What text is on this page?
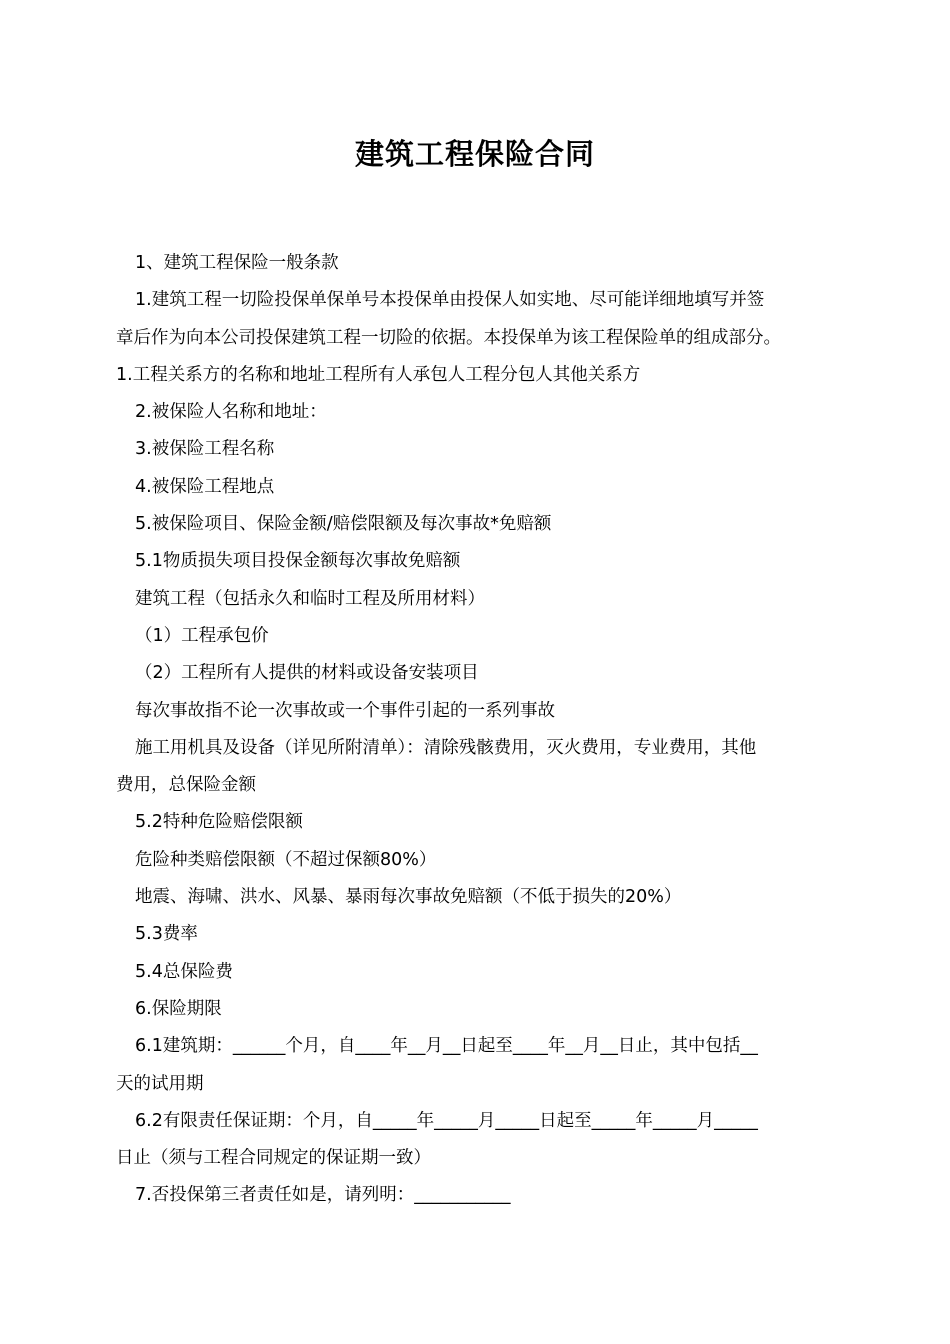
建筑工程保险合同

1、建筑工程保险一般条款

1.建筑工程一切险投保单保单号本投保单由投保人如实地、尽可能详细地填写并签

章后作为向本公司投保建筑工程一切险的依据。本投保单为该工程保险单的组成部分。

1.工程关系方的名称和地址工程所有人承包人工程分包人其他关系方

2.被保险人名称和地址：

3.被保险工程名称

4.被保险工程地点

5.被保险项目、保险金额/赔偿限额及每次事故*免赔额

5.1物质损失项目投保金额每次事故免赔额

建筑工程（包括永久和临时工程及所用材料）

（1）工程承包价

（2）工程所有人提供的材料或设备安装项目

每次事故指不论一次事故或一个事件引起的一系列事故

施工用机具及设备（详见所附清单）：清除残骸费用，灭火费用，专业费用，其他

费用，总保险金额

5.2特种危险赔偿限额

危险种类赔偿限额（不超过保额80%）

地震、海啸、洪水、风暴、暴雨每次事故免赔额（不低于损失的20%）

5.3费率

5.4总保险费

6.保险期限

6.1建筑期：______个月，自____年__月__日起至____年__月__日止，其中包括__

天的试用期

6.2有限责任保证期：个月，自_____年_____月_____日起至_____年_____月_____

日止（须与工程合同规定的保证期一致）

7.否投保第三者责任如是，请列明：___________
